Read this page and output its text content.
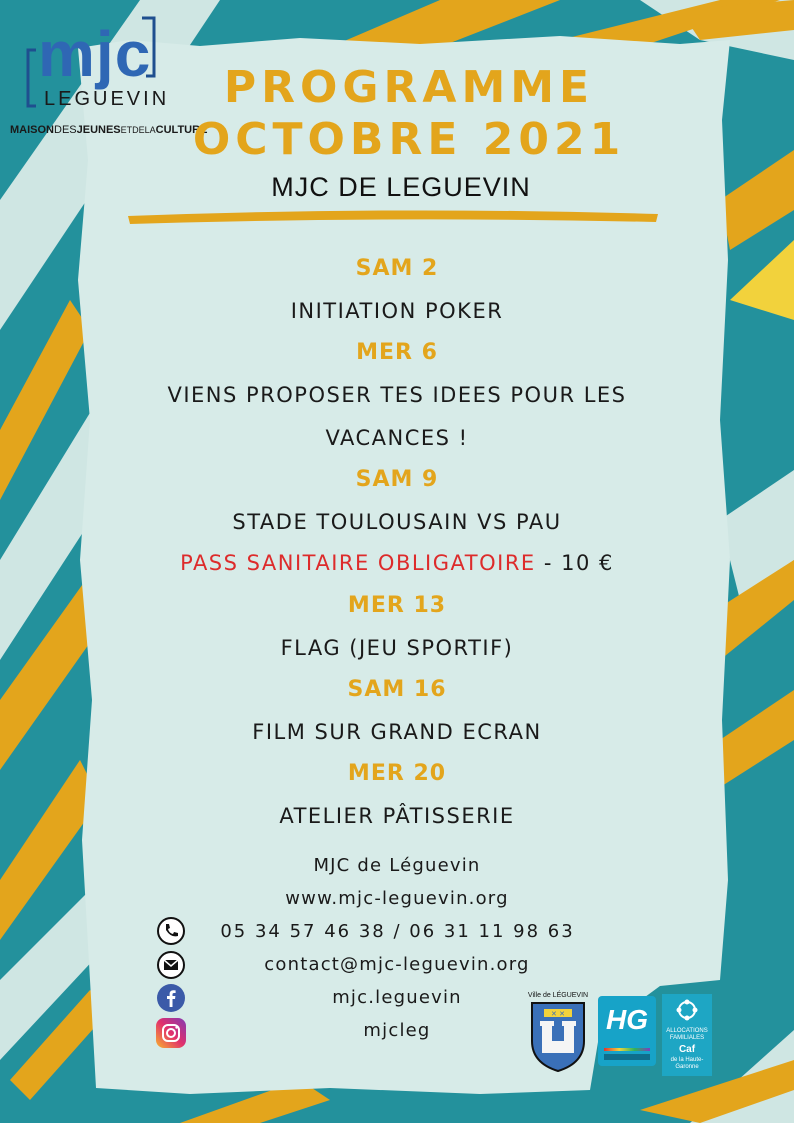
mjc
LEGUEVIN
MAISONDESJEUNESETDELACULTURE
PROGRAMME
OCTOBRE 2021
MJC DE LEGUEVIN
SAM 2
INITIATION POKER
MER 6
VIENS PROPOSER TES IDEES POUR LES
VACANCES !
SAM 9
STADE TOULOUSAIN VS PAU
PASS SANITAIRE OBLIGATOIRE - 10 €
MER 13
FLAG (JEU SPORTIF)
SAM 16
FILM SUR GRAND ECRAN
MER 20
ATELIER PÂTISSERIE
MJC de Léguevin
www.mjc-leguevin.org
05 34 57 46 38 / 06 31 11 98 63
contact@mjc-leguevin.org
mjc.leguevin
mjcleg
Ville de LÉGUEVIN
✕ ✕ HG	ALLOCATIONS
FAMILIALES
Caf
de la Haute-
Garonne
